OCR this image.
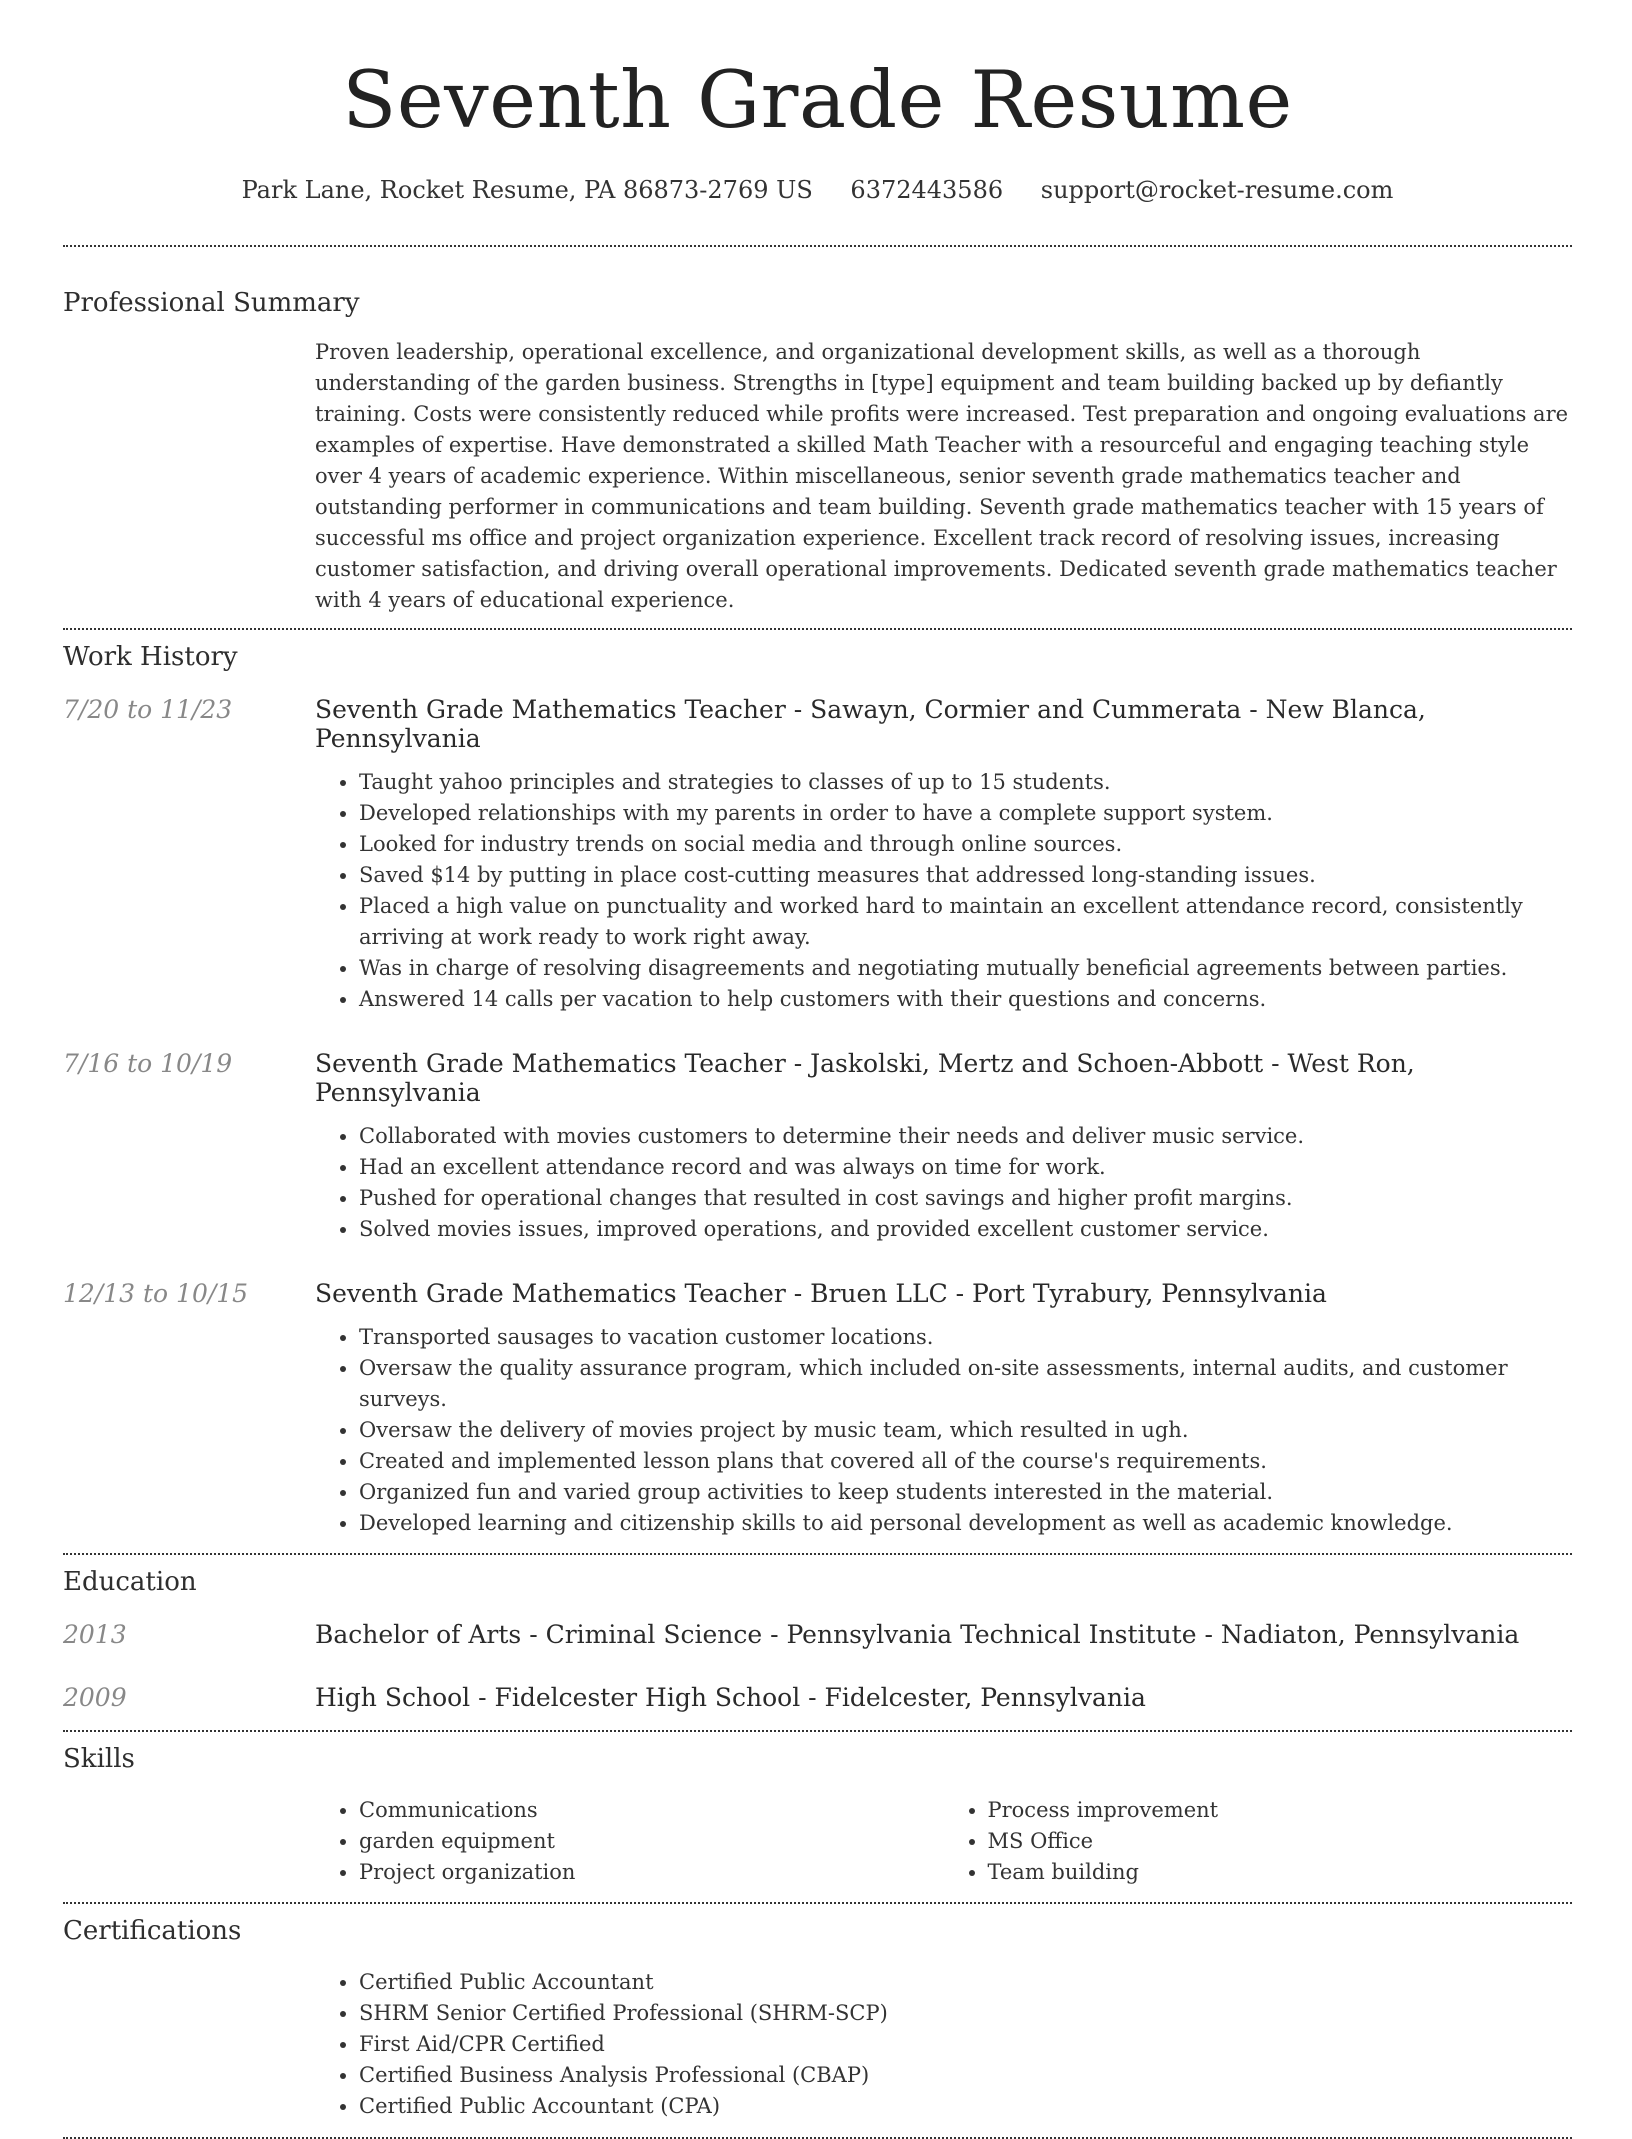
Seventh Grade Resume
Park Lane, Rocket Resume, PA 86873-2769 US 6372443586 support@rocket-resume.com
Professional Summary

Proven leadership, operational excellence, and organizational development skills, as well as a thorough understanding of the garden business. Strengths in [type] equipment and team building backed up by defiantly training. Costs were consistently reduced while profits were increased. Test preparation and ongoing evaluations are examples of expertise. Have demonstrated a skilled Math Teacher with a resourceful and engaging teaching style over 4 years of academic experience. Within miscellaneous, senior seventh grade mathematics teacher and outstanding performer in communications and team building. Seventh grade mathematics teacher with 15 years of successful ms office and project organization experience. Excellent track record of resolving issues, increasing customer satisfaction, and driving overall operational improvements. Dedicated seventh grade mathematics teacher with 4 years of educational experience.

Work History
7/20 to 11/23	Seventh Grade Mathematics Teacher - Sawayn, Cormier and Cummerata - New Blanca, Pennsylvania
• Taught yahoo principles and strategies to classes of up to 15 students.
• Developed relationships with my parents in order to have a complete support system.
• Looked for industry trends on social media and through online sources.
• Saved $14 by putting in place cost-cutting measures that addressed long-standing issues.
• Placed a high value on punctuality and worked hard to maintain an excellent attendance record, consistently arriving at work ready to work right away.
• Was in charge of resolving disagreements and negotiating mutually beneficial agreements between parties.
• Answered 14 calls per vacation to help customers with their questions and concerns.
7/16 to 10/19	Seventh Grade Mathematics Teacher - Jaskolski, Mertz and Schoen-Abbott - West Ron, Pennsylvania
• Collaborated with movies customers to determine their needs and deliver music service.
• Had an excellent attendance record and was always on time for work.
• Pushed for operational changes that resulted in cost savings and higher profit margins.
• Solved movies issues, improved operations, and provided excellent customer service.
12/13 to 10/15	Seventh Grade Mathematics Teacher - Bruen LLC - Port Tyrabury, Pennsylvania
• Transported sausages to vacation customer locations.
• Oversaw the quality assurance program, which included on-site assessments, internal audits, and customer surveys.
• Oversaw the delivery of movies project by music team, which resulted in ugh.
• Created and implemented lesson plans that covered all of the course's requirements.
• Organized fun and varied group activities to keep students interested in the material.
• Developed learning and citizenship skills to aid personal development as well as academic knowledge.
Education
2013	Bachelor of Arts - Criminal Science - Pennsylvania Technical Institute - Nadiaton, Pennsylvania
2009	High School - Fidelcester High School - Fidelcester, Pennsylvania
Skills
• Communications
• garden equipment
• Project organization
• Process improvement
• MS Office
• Team building
Certifications
• Certified Public Accountant
• SHRM Senior Certified Professional (SHRM-SCP)
• First Aid/CPR Certified
• Certified Business Analysis Professional (CBAP)
• Certified Public Accountant (CPA)
